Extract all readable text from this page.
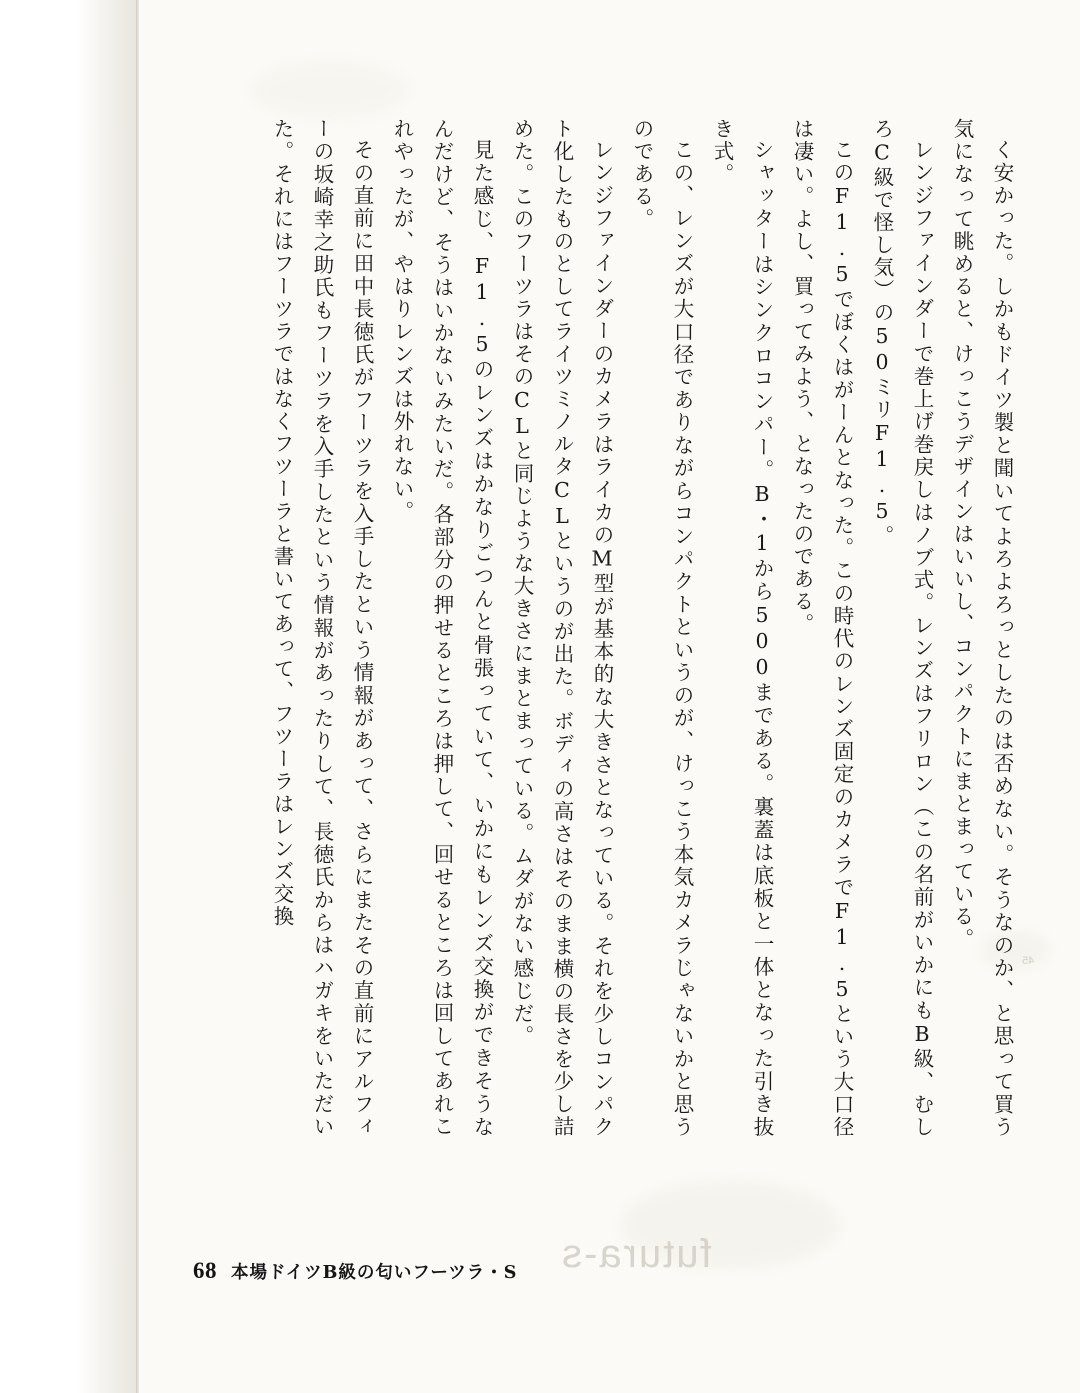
futura-s
45

く安かった。しかもドイツ製と聞いてよろよろっとしたのは否めない。そうなのか、と思って買う気になって眺めると、けっこうデザインはいいし、コンパクトにまとまっている。

レンジファインダーで巻上げ巻戻しはノブ式。レンズはフリロン（この名前がいかにもB級、むしろC級で怪し気）の50ミリF1.5。

このF1.5でぼくはがーんとなった。この時代のレンズ固定のカメラでF1.5という大口径は凄い。よし、買ってみよう、となったのである。

シャッターはシンクロコンパー。B・1から500まである。裏蓋は底板と一体となった引き抜き式。

この、レンズが大口径でありながらコンパクトというのが、けっこう本気カメラじゃないかと思うのである。

レンジファインダーのカメラはライカのM型が基本的な大きさとなっている。それを少しコンパクト化したものとしてライツミノルタCLというのが出た。ボディの高さはそのまま横の長さを少し詰めた。このフーツラはそのCLと同じような大きさにまとまっている。ムダがない感じだ。

見た感じ、F1.5のレンズはかなりごつんと骨張っていて、いかにもレンズ交換ができそうなんだけど、そうはいかないみたいだ。各部分の押せるところは押して、回せるところは回してあれこれやったが、やはりレンズは外れない。

その直前に田中長徳氏がフーツラを入手したという情報があって、さらにまたその直前にアルフィーの坂崎幸之助氏もフーツラを入手したという情報があったりして、長徳氏からはハガキをいただいた。それにはフーツラではなくフツーラと書いてあって、フツーラはレンズ交換

68 本場ドイツB級の匂いフーツラ・S
